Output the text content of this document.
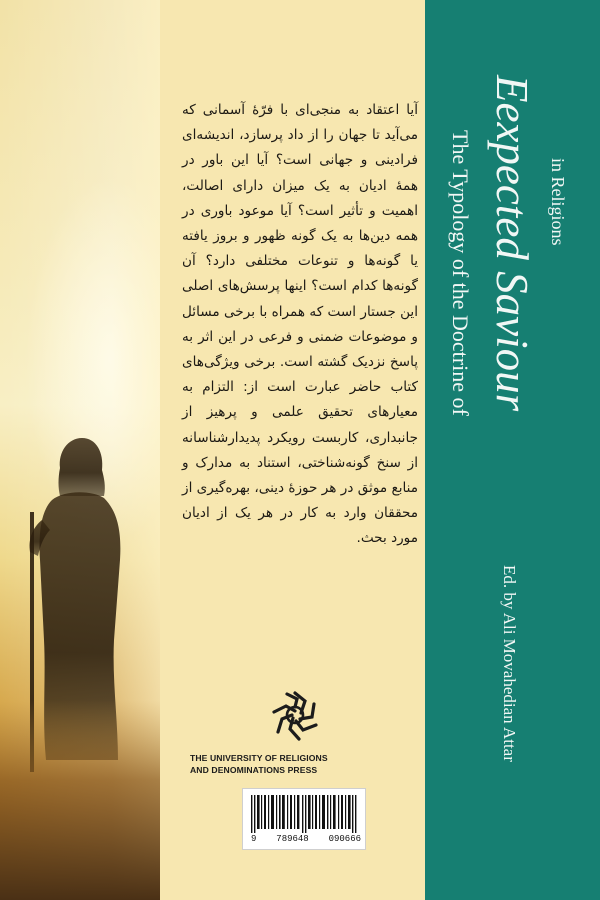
آیا اعتقاد به منجی‌ای با فرّهٔ آسمانی که می‌آید تا جهان را از داد پرسازد، اندیشه‌ای فرادینی و جهانی است؟ آیا این باور در همهٔ ادیان به یک میزان دارای اصالت، اهمیت و تأثیر است؟ آیا موعود باوری در همه دین‌ها به یک گونه ظهور و بروز یافته یا گونه‌ها و تنوعات مختلفی دارد؟ آن گونه‌ها کدام است؟ اینها پرسش‌های اصلی این جستار است که همراه با برخی مسائل و موضوعات ضمنی و فرعی در این اثر به پاسخ نزدیک گشته است. برخی ویژگی‌های کتاب حاضر عبارت است از: التزام به معیارهای تحقیق علمی و پرهیز از جانبداری، کاربست رویکرد پدیدارشناسانه از سنخ گونه‌شناختی، استناد به مدارک و منابع موثق در هر حوزهٔ دینی، بهره‌گیری از محققان وارد به کار در هر یک از ادیان مورد بحث.
THE UNIVERSITY OF RELIGIONS
AND DENOMINATIONS PRESS
9 789648 090666
The Typology of the Doctrine of Eexpected Saviour in Religions
Ed. by Ali Movahedian Attar
